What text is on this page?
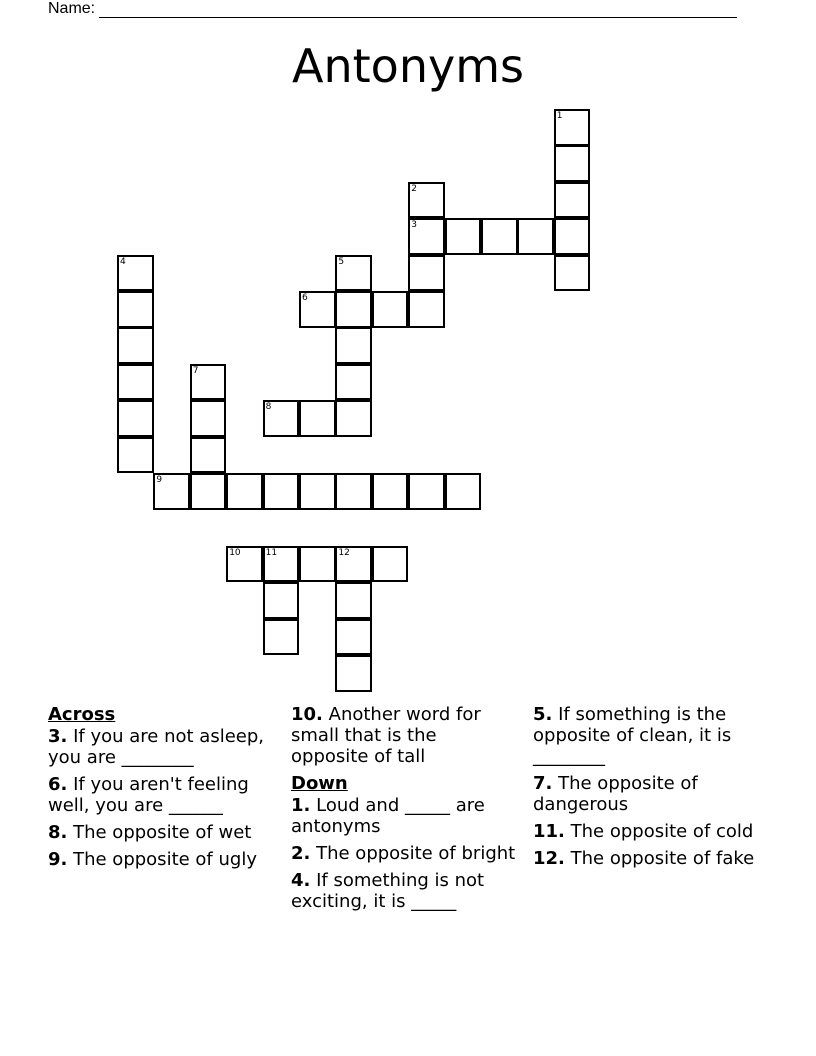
Name:
Antonyms
1
2
3
4	5
6
7
8
9
10	11	12
Across
3. If you are not asleep, you are ________
6. If you aren't feeling well, you are ______
8. The opposite of wet
9. The opposite of ugly
10. Another word for small that is the opposite of tall
Down
1. Loud and _____ are antonyms
2. The opposite of bright
4. If something is not exciting, it is _____
5. If something is the opposite of clean, it is ________
7. The opposite of dangerous
11. The opposite of cold
12. The opposite of fake
